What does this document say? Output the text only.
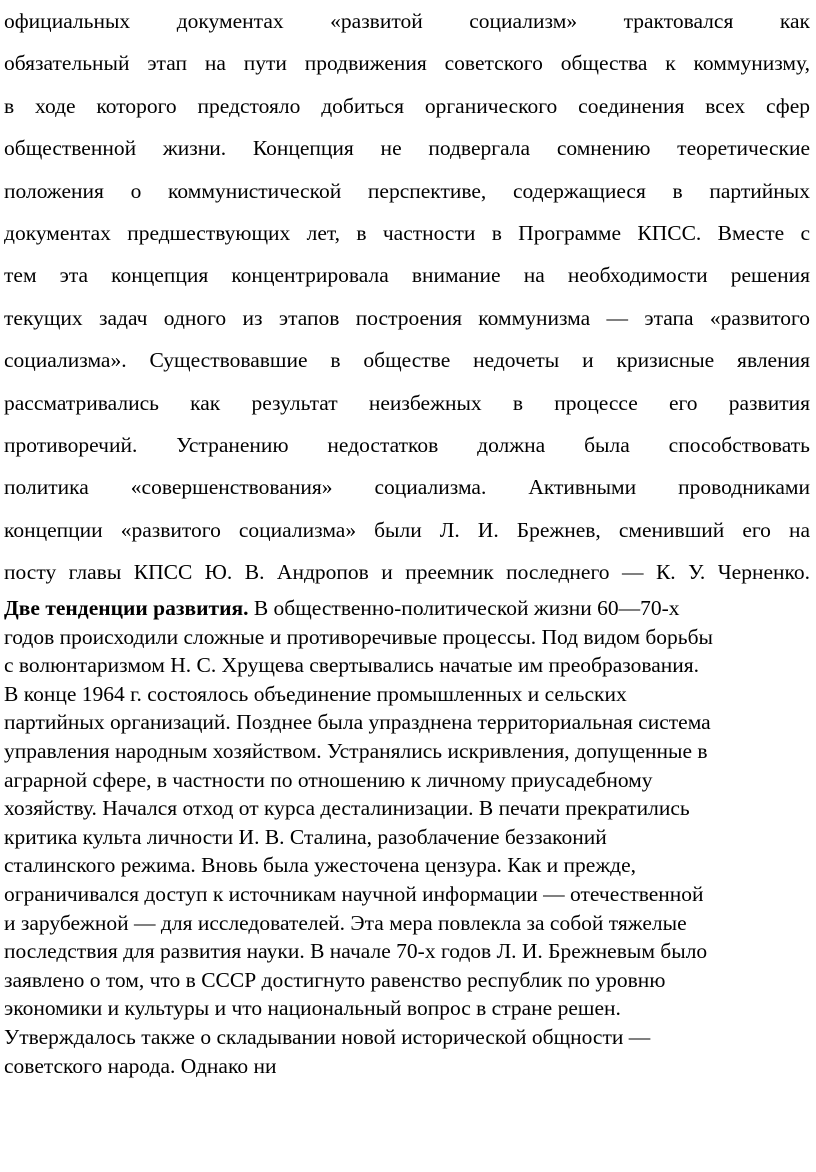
официальных документах «развитой социализм» трактовался как
обязательный этап на пути продвижения советского общества к коммунизму,
в ходе которого предстояло добиться органического соединения всех сфер
общественной жизни. Концепция не подвергала сомнению теоретические
положения о коммунистической перспективе, содержащиеся в партийных
документах предшествующих лет, в частности в Программе КПСС. Вместе с
тем эта концепция концентрировала внимание на необходимости решения
текущих задач одного из этапов построения коммунизма — этапа «развитого
социализма». Существовавшие в обществе недочеты и кризисные явления
рассматривались как результат неизбежных в процессе его развития
противоречий. Устранению недостатков должна была способствовать
политика «совершенствования» социализма. Активными проводниками
концепции «развитого социализма» были Л. И. Брежнев, сменивший его на
посту главы КПСС Ю. В. Андропов и преемник последнего — К. У. Черненко.
Две тенденции развития. В общественно-политической жизни 60—70-х
годов происходили сложные и противоречивые процессы. Под видом борьбы
с волюнтаризмом Н. С. Хрущева свертывались начатые им преобразования.
В конце 1964 г. состоялось объединение промышленных и сельских
партийных организаций. Позднее была упразднена территориальная система
управления народным хозяйством. Устранялись искривления, допущенные в
аграрной сфере, в частности по отношению к личному приусадебному
хозяйству. Начался отход от курса десталинизации. В печати прекратились
критика культа личности И. В. Сталина, разоблачение беззаконий
сталинского режима. Вновь была ужесточена цензура. Как и прежде,
ограничивался доступ к источникам научной информации — отечественной
и зарубежной — для исследователей. Эта мера повлекла за собой тяжелые
последствия для развития науки. В начале 70-х годов Л. И. Брежневым было
заявлено о том, что в СССР достигнуто равенство республик по уровню
экономики и культуры и что национальный вопрос в стране решен.
Утверждалось также о складывании новой исторической общности —
советского народа. Однако ни
